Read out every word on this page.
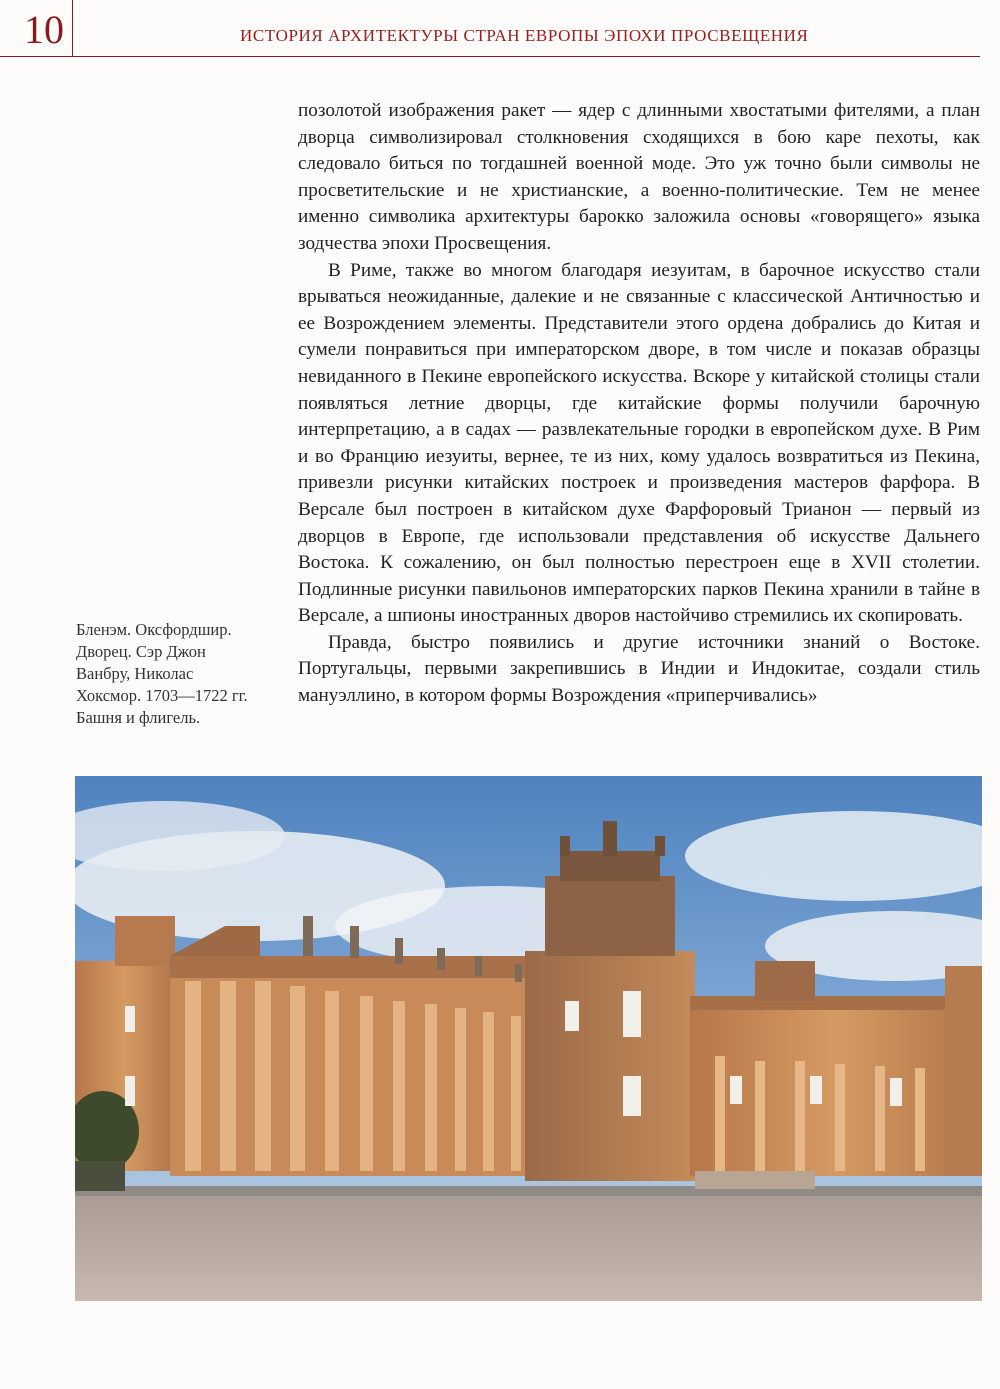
10	ИСТОРИЯ АРХИТЕКТУРЫ СТРАН ЕВРОПЫ ЭПОХИ ПРОСВЕЩЕНИЯ

позолотой изображения ракет — ядер с длинными хвостатыми фителями, а план дворца символизировал столкновения сходящихся в бою каре пехоты, как следовало биться по тогдашней военной моде. Это уж точно были символы не просветительские и не христианские, а военно-политические. Тем не менее именно символика архитектуры барокко заложила основы «говорящего» языка зодчества эпохи Просвещения.

В Риме, также во многом благодаря иезуитам, в барочное искусство стали врываться неожиданные, далекие и не связанные с классической Античностью и ее Возрождением элементы. Представители этого ордена добрались до Китая и сумели понравиться при императорском дворе, в том числе и показав образцы невиданного в Пекине европейского искусства. Вскоре у китайской столицы стали появляться летние дворцы, где китайские формы получили барочную интерпретацию, а в садах — развлекательные городки в европейском духе. В Рим и во Францию иезуиты, вернее, те из них, кому удалось возвратиться из Пекина, привезли рисунки китайских построек и произведения мастеров фарфора. В Версале был построен в китайском духе Фарфоровый Трианон — первый из дворцов в Европе, где использовали представления об искусстве Дальнего Востока. К сожалению, он был полностью перестроен еще в XVII столетии. Подлинные рисунки павильонов императорских парков Пекина хранили в тайне в Версале, а шпионы иностранных дворов настойчиво стремились их скопировать.

Правда, быстро появились и другие источники знаний о Востоке. Португальцы, первыми закрепившись в Индии и Индокитае, создали стиль мануэллино, в котором формы Возрождения «приперчивались»

Бленэм. Оксфордшир.
Дворец. Сэр Джон
Ванбру, Николас
Хоксмор. 1703—1722 гг.
Башня и флигель.
